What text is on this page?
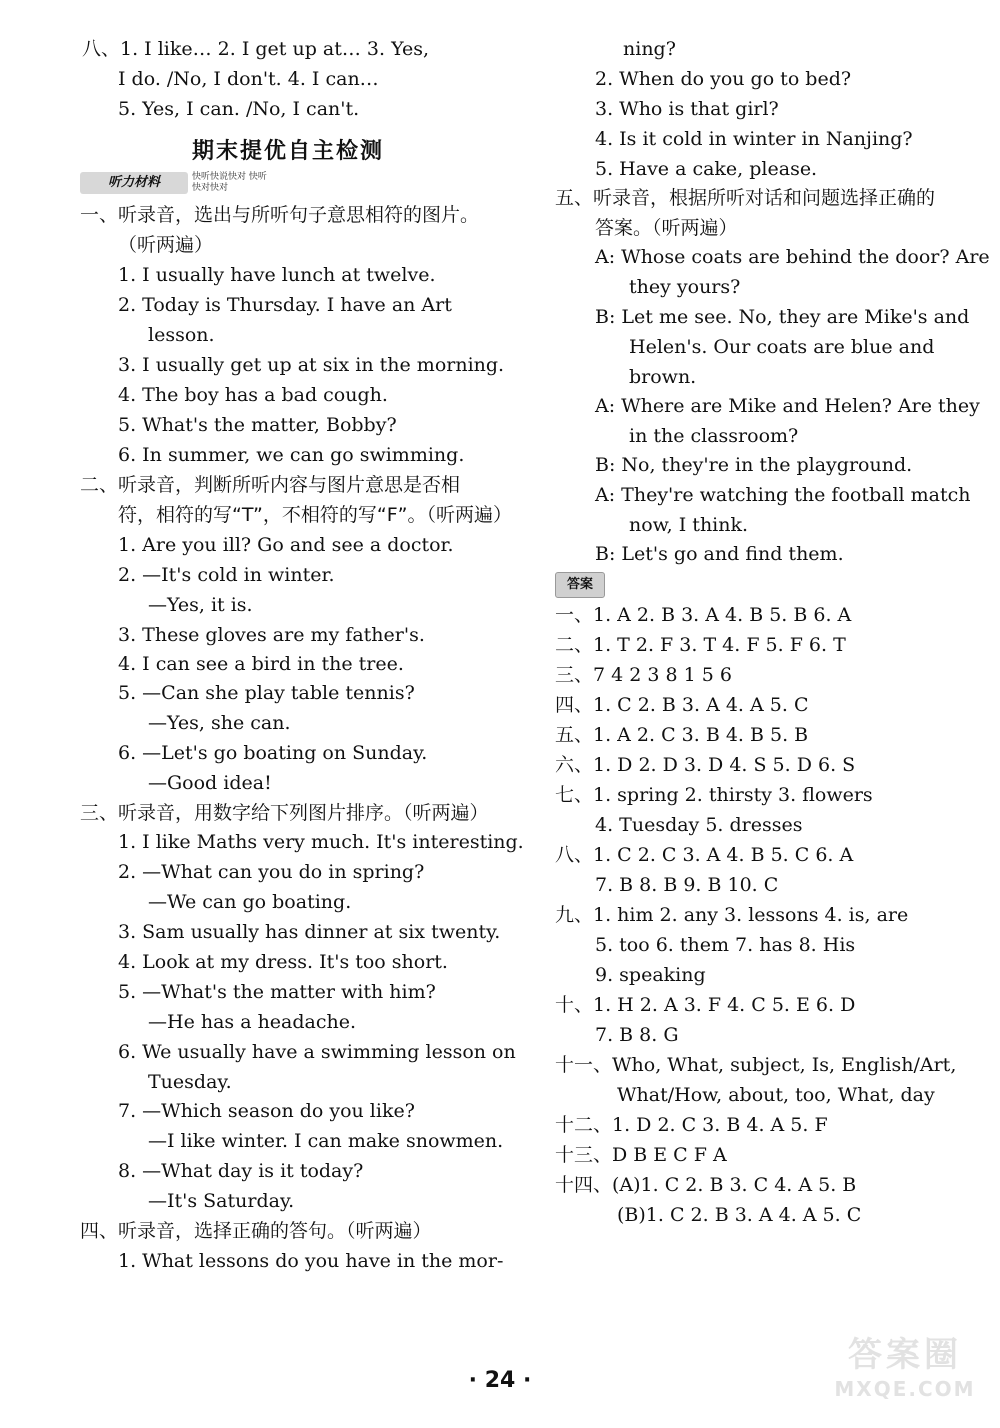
八、1. I like… 2. I get up at… 3. Yes,
I do. /No, I don't. 4. I can…
5. Yes, I can. /No, I can't.
期末提优自主检测
听力材料	快听快说快对 快听快对快对
一、听录音，选出与所听句子意思相符的图片。
（听两遍）
1. I usually have lunch at twelve.
2. Today is Thursday. I have an Art
lesson.
3. I usually get up at six in the morning.
4. The boy has a bad cough.
5. What's the matter, Bobby?
6. In summer, we can go swimming.
二、听录音，判断所听内容与图片意思是否相
符，相符的写“T”，不相符的写“F”。（听两遍）
1. Are you ill? Go and see a doctor.
2. —It's cold in winter.
—Yes, it is.
3. These gloves are my father's.
4. I can see a bird in the tree.
5. —Can she play table tennis?
—Yes, she can.
6. —Let's go boating on Sunday.
—Good idea!
三、听录音，用数字给下列图片排序。（听两遍）
1. I like Maths very much. It's interesting.
2. —What can you do in spring?
—We can go boating.
3. Sam usually has dinner at six twenty.
4. Look at my dress. It's too short.
5. —What's the matter with him?
—He has a headache.
6. We usually have a swimming lesson on
Tuesday.
7. —Which season do you like?
—I like winter. I can make snowmen.
8. —What day is it today?
—It's Saturday.
四、听录音，选择正确的答句。（听两遍）
1. What lessons do you have in the mor-
ning?
2. When do you go to bed?
3. Who is that girl?
4. Is it cold in winter in Nanjing?
5. Have a cake, please.
五、听录音，根据所听对话和问题选择正确的
答案。（听两遍）
A: Whose coats are behind the door? Are
they yours?
B: Let me see. No, they are Mike's and
Helen's. Our coats are blue and
brown.
A: Where are Mike and Helen? Are they
in the classroom?
B: No, they're in the playground.
A: They're watching the football match
now, I think.
B: Let's go and find them.
答案
一、1. A 2. B 3. A 4. B 5. B 6. A
二、1. T 2. F 3. T 4. F 5. F 6. T
三、7 4 2 3 8 1 5 6
四、1. C 2. B 3. A 4. A 5. C
五、1. A 2. C 3. B 4. B 5. B
六、1. D 2. D 3. D 4. S 5. D 6. S
七、1. spring 2. thirsty 3. flowers
4. Tuesday 5. dresses
八、1. C 2. C 3. A 4. B 5. C 6. A
7. B 8. B 9. B 10. C
九、1. him 2. any 3. lessons 4. is, are
5. too 6. them 7. has 8. His
9. speaking
十、1. H 2. A 3. F 4. C 5. E 6. D
7. B 8. G
十一、Who, What, subject, Is, English/Art,
What/How, about, too, What, day
十二、1. D 2. C 3. B 4. A 5. F
十三、D B E C F A
十四、(A)1. C 2. B 3. C 4. A 5. B
(B)1. C 2. B 3. A 4. A 5. C
· 24 ·
答案圈
MXQE.COM
